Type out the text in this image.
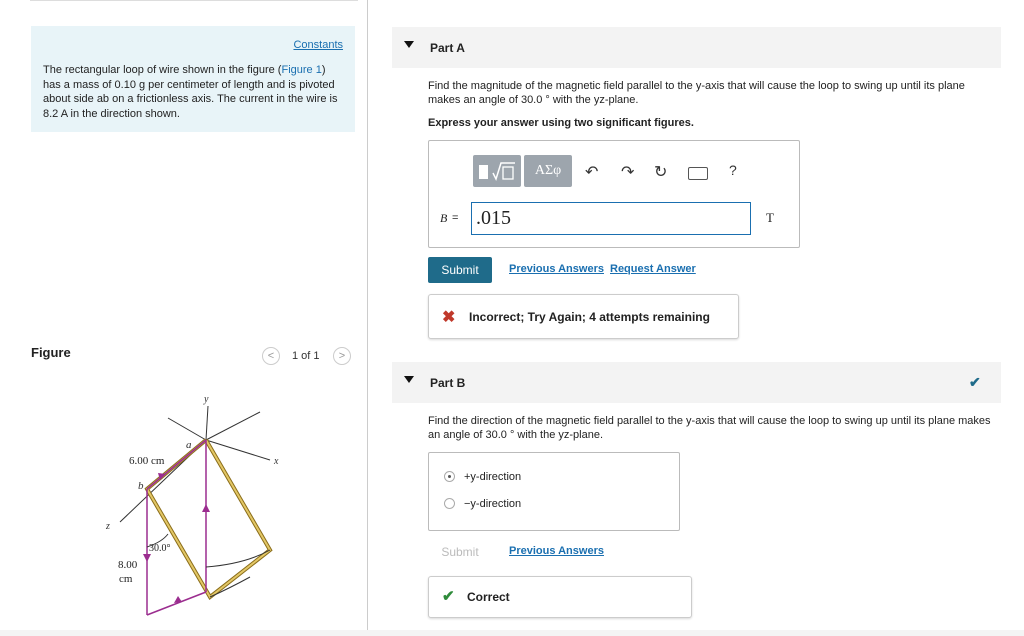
Constants
The rectangular loop of wire shown in the figure (Figure 1) has a mass of 0.10 g per centimeter of length and is pivoted about side ab on a frictionless axis. The current in the wire is 8.2 A in the direction shown.
Figure	<	1 of 1	>
y
a
x
b
z
6.00 cm
30.0°
8.00
cm
Part A
Find the magnitude of the magnetic field parallel to the y-axis that will cause the loop to swing up until its plane makes an angle of 30.0 ° with the yz-plane.
Express your answer using two significant figures.
ΑΣφ	↶ ↷ ↻	?
B =
.015	T
Submit	Previous Answers Request Answer
✖ Incorrect; Try Again; 4 attempts remaining
Part B	✔
Find the direction of the magnetic field parallel to the y-axis that will cause the loop to swing up until its plane makes an angle of 30.0 ° with the yz-plane.
+y-direction
−y-direction
Submit	Previous Answers
✔ Correct
